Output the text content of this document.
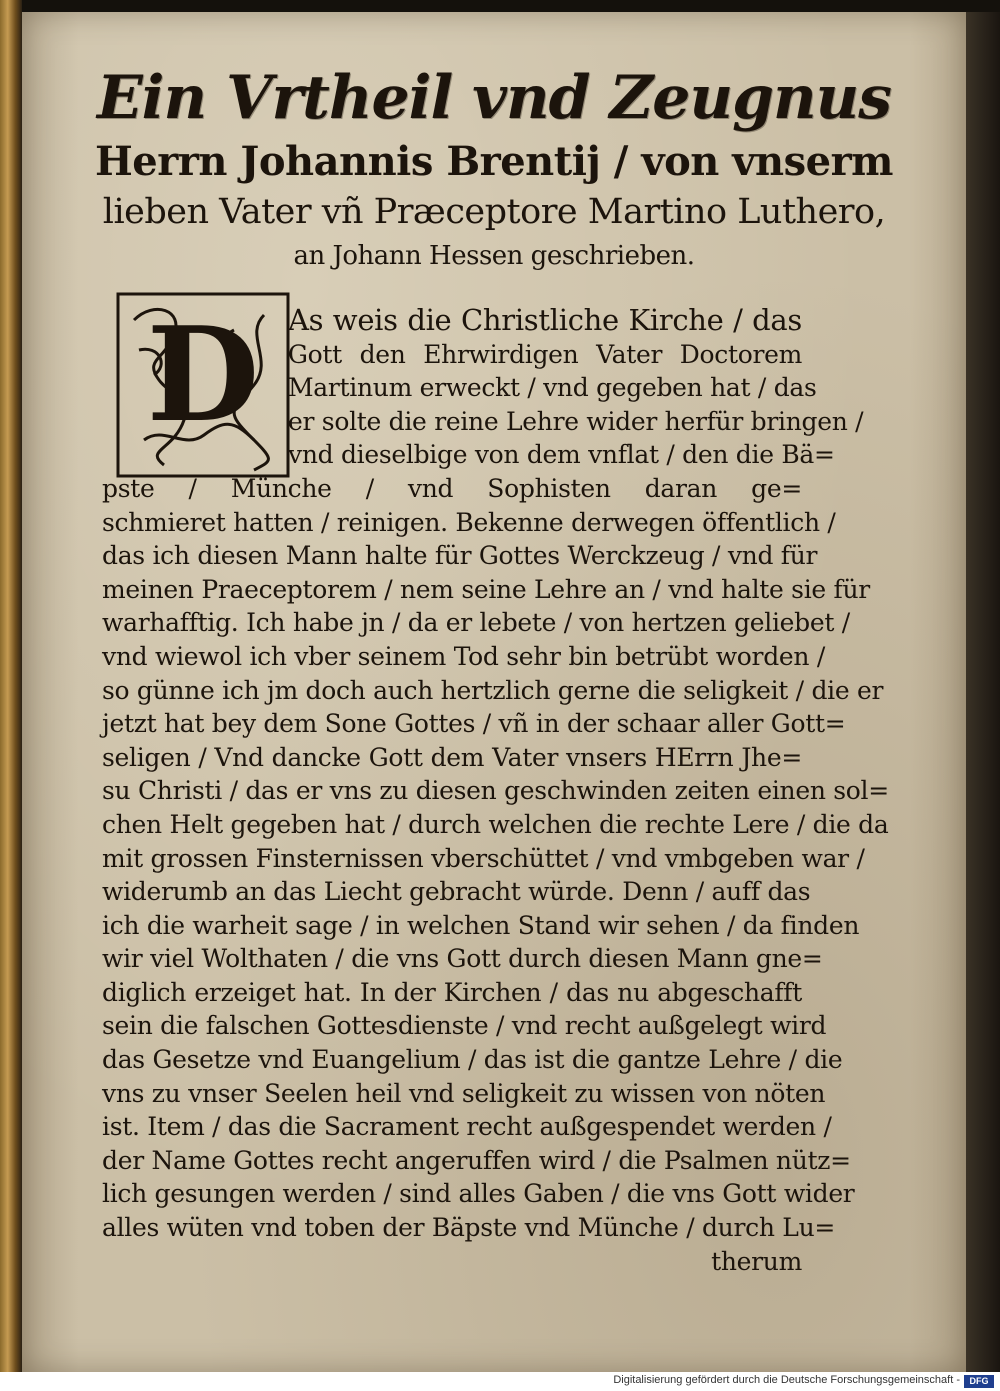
Ein Vrtheil vnd Zeugnus
Herrn Johannis Brentij / von vnserm
lieben Vater vñ Præceptore Martino Luthero,
an Johann Hessen geschrieben.
D As weis die Christliche Kirche / das
Gott den Ehrwirdigen Vater Doctorem
Martinum erweckt / vnd gegeben hat / das
er solte die reine Lehre wider herfür bringen /
vnd dieselbige von dem vnflat / den die Bä=
pste / Münche / vnd Sophisten daran ge=
schmieret hatten / reinigen. Bekenne derwegen öffentlich /
das ich diesen Mann halte für Gottes Werckzeug / vnd für
meinen Praeceptorem / nem seine Lehre an / vnd halte sie für
warhafftig. Ich habe jn / da er lebete / von hertzen geliebet /
vnd wiewol ich vber seinem Tod sehr bin betrübt worden /
so günne ich jm doch auch hertzlich gerne die seligkeit / die er
jetzt hat bey dem Sone Gottes / vñ in der schaar aller Gott=
seligen / Vnd dancke Gott dem Vater vnsers HErrn Jhe=
su Christi / das er vns zu diesen geschwinden zeiten einen sol=
chen Helt gegeben hat / durch welchen die rechte Lere / die da
mit grossen Finsternissen vberschüttet / vnd vmbgeben war /
widerumb an das Liecht gebracht würde. Denn / auff das
ich die warheit sage / in welchen Stand wir sehen / da finden
wir viel Wolthaten / die vns Gott durch diesen Mann gne=
diglich erzeiget hat. In der Kirchen / das nu abgeschafft
sein die falschen Gottesdienste / vnd recht außgelegt wird
das Gesetze vnd Euangelium / das ist die gantze Lehre / die
vns zu vnser Seelen heil vnd seligkeit zu wissen von nöten
ist. Item / das die Sacrament recht außgespendet werden /
der Name Gottes recht angeruffen wird / die Psalmen nütz=
lich gesungen werden / sind alles Gaben / die vns Gott wider
alles wüten vnd toben der Bäpste vnd Münche / durch Lu=
therum
Digitalisierung gefördert durch die Deutsche Forschungsgemeinschaft -	DFG
